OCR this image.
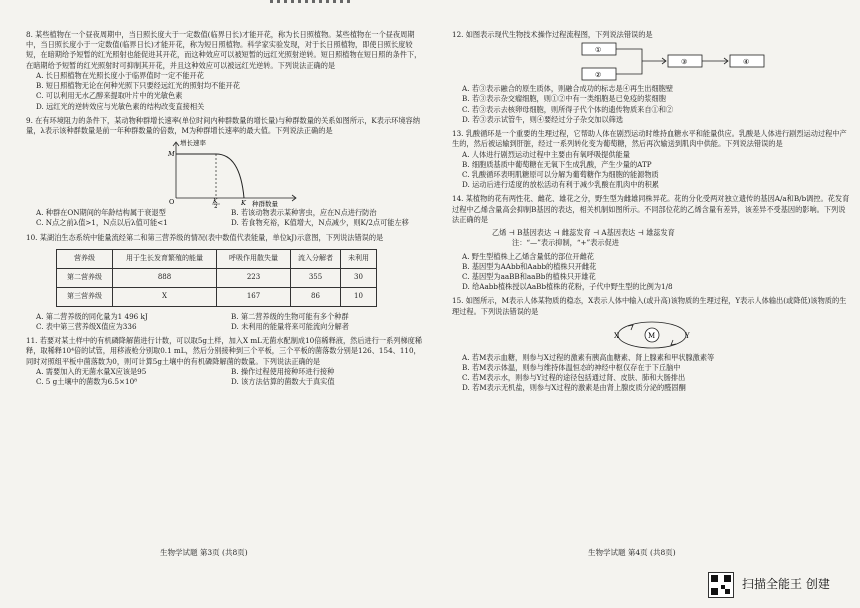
8. 某些植物在一个昼夜周期中，当日照长度大于一定数值(临界日长)才能开花，称为长日照植物。某些植物在一个昼夜周期中，当日照长度小于一定数值(临界日长)才能开花，称为短日照植物。科学家实验发现，对于长日照植物，即使日照长度较短，在暗期给予短暂的红光照射也能促进其开花，而这种效应可以被短暂的远红光照射逆转。短日照植物在短日照的条件下，在暗期给予短暂的红光照射时可抑制其开花，并且这种效应可以被远红光逆转。下列说法正确的是
A. 长日照植物在光照长度小于临界值时一定不能开花
B. 短日照植物无论在何种光照下只要经远红光的照射均不能开花
C. 可以利用无水乙醇来提取叶片中的光敏色素
D. 远红光的逆转效应与光敏色素的结构改变直接相关
9. 在有环境阻力的条件下，某动物种群增长速率(单位时间内种群数量的增长量)与种群数量的关系如图所示，K表示环境容纳量，λ表示该种群数量是前一年种群数量的倍数，M为种群增长速率的最大值。下列说法正确的是
增长速率
M
O	K
2	K 种群数量
A. 种群在ON期间的年龄结构属于衰退型	B. 若该动物表示某种害虫，应在N点进行防治
C. N点之前λ值>1，N点以后λ值可能<1	D. 若食物充裕，K值增大，N点减少，则K/2点可能左移
10. 某湖泊生态系统中能量流经第二和第三营养级的情况(表中数值代表能量，单位kJ)示意图，下列说法错误的是
营养级	用于生长发育繁殖的能量	呼吸作用散失量	流入分解者	未利用
第二营养级	888	223	355	30
第三营养级	X	167	86	10
A. 第二营养级的同化量为1 496 kJ	B. 第二营养级的生物可能有多个种群
C. 表中第三营养级X值应为336	D. 未利用的能量将来可能流向分解者
11. 若要对某土样中的有机磷降解菌进行计数，可以取5g土样，加入X mL无菌水配制成10倍稀释液，然后进行一系列梯度稀释，取稀释10⁴倍的试管，用移液枪分别取0.1 mL，然后分别接种到三个平板，三个平板的菌落数分别是126、154、110，同时对照组平板中菌落数为0，则可计算5g土壤中的有机磷降解菌的数量。下列说法正确的是
A. 需要加入的无菌水量X应该是95	B. 操作过程使用接种环进行接种
C. 5 g土壤中的菌数为6.5×10⁸	D. 该方法估算的菌数大于真实值
生物学试题 第3页 (共8页)
12. 如图表示现代生物技术操作过程流程图，下列说法错误的是
①
②
③	④
A. 若③表示融合的原生质体，则融合成功的标志是④再生出细胞壁
B. 若③表示杂交瘤细胞，则①②中有一类细胞是已免疫的浆细胞
C. 若③表示去核卵母细胞，则所得子代个体的遗传物质来自①和②
D. 若③表示试管牛，则④要经过分子杂交加以筛选
13. 乳酸循环是一个重要的生理过程，它帮助人体在剧烈运动时维持血糖水平和能量供应。乳酸是人体进行剧烈运动过程中产生的，然后被运输到肝脏，经过一系列转化变为葡萄糖，然后再次输送到肌肉中供能。下列说法错误的是
A. 人体进行剧烈运动过程中主要由有氧呼吸提供能量
B. 细胞质基质中葡萄糖在无氧下生成乳酸，产生少量的ATP
C. 乳酸循环表明肌糖原可以分解为葡萄糖作为细胞的能源物质
D. 运动后进行适度的放松活动有利于减少乳酸在肌肉中的积累
14. 某植物的花有两性花、雌花、雄花之分，野生型为雌雄同株异花。花的分化受两对独立遗传的基因A/a和B/b调控。花发育过程中乙烯含量高会抑制B基因的表达，相关机制如图所示。不同部位花的乙烯含量有差异，该差异不受基因的影响。下列说法正确的是
乙烯 ⊣ B基因表达 ⊣ 雌蕊发育 ⊣ A基因表达 ⊣ 雄蕊发育
注：“—”表示抑制，“+”表示促进
A. 野生型植株上乙烯含量低的部位开雌花
B. 基因型为AAbb和Aabb的植株只开雌花
C. 基因型为aaBB和aaBb的植株只开雄花
D. 给Aabb植株授以AaBb植株的花粉，子代中野生型的比例为1/8
15. 如图所示，M表示人体某物质的稳态，X表示人体中输入(或升高)该物质的生理过程，Y表示人体输出(或降低)该物质的生理过程。下列说法错误的是
X	M	Y
A. 若M表示血糖，则参与X过程的激素有胰高血糖素、肾上腺素和甲状腺激素等
B. 若M表示体温，则参与维持体温恒态的神经中枢仅存在于下丘脑中
C. 若M表示水，则参与Y过程的途径包括通过肾、皮肤、肺和大肠排出
D. 若M表示无机盐，则参与X过程的激素是由肾上腺皮质分泌的醛固酮
生物学试题 第4页 (共8页)
扫描全能王 创建
